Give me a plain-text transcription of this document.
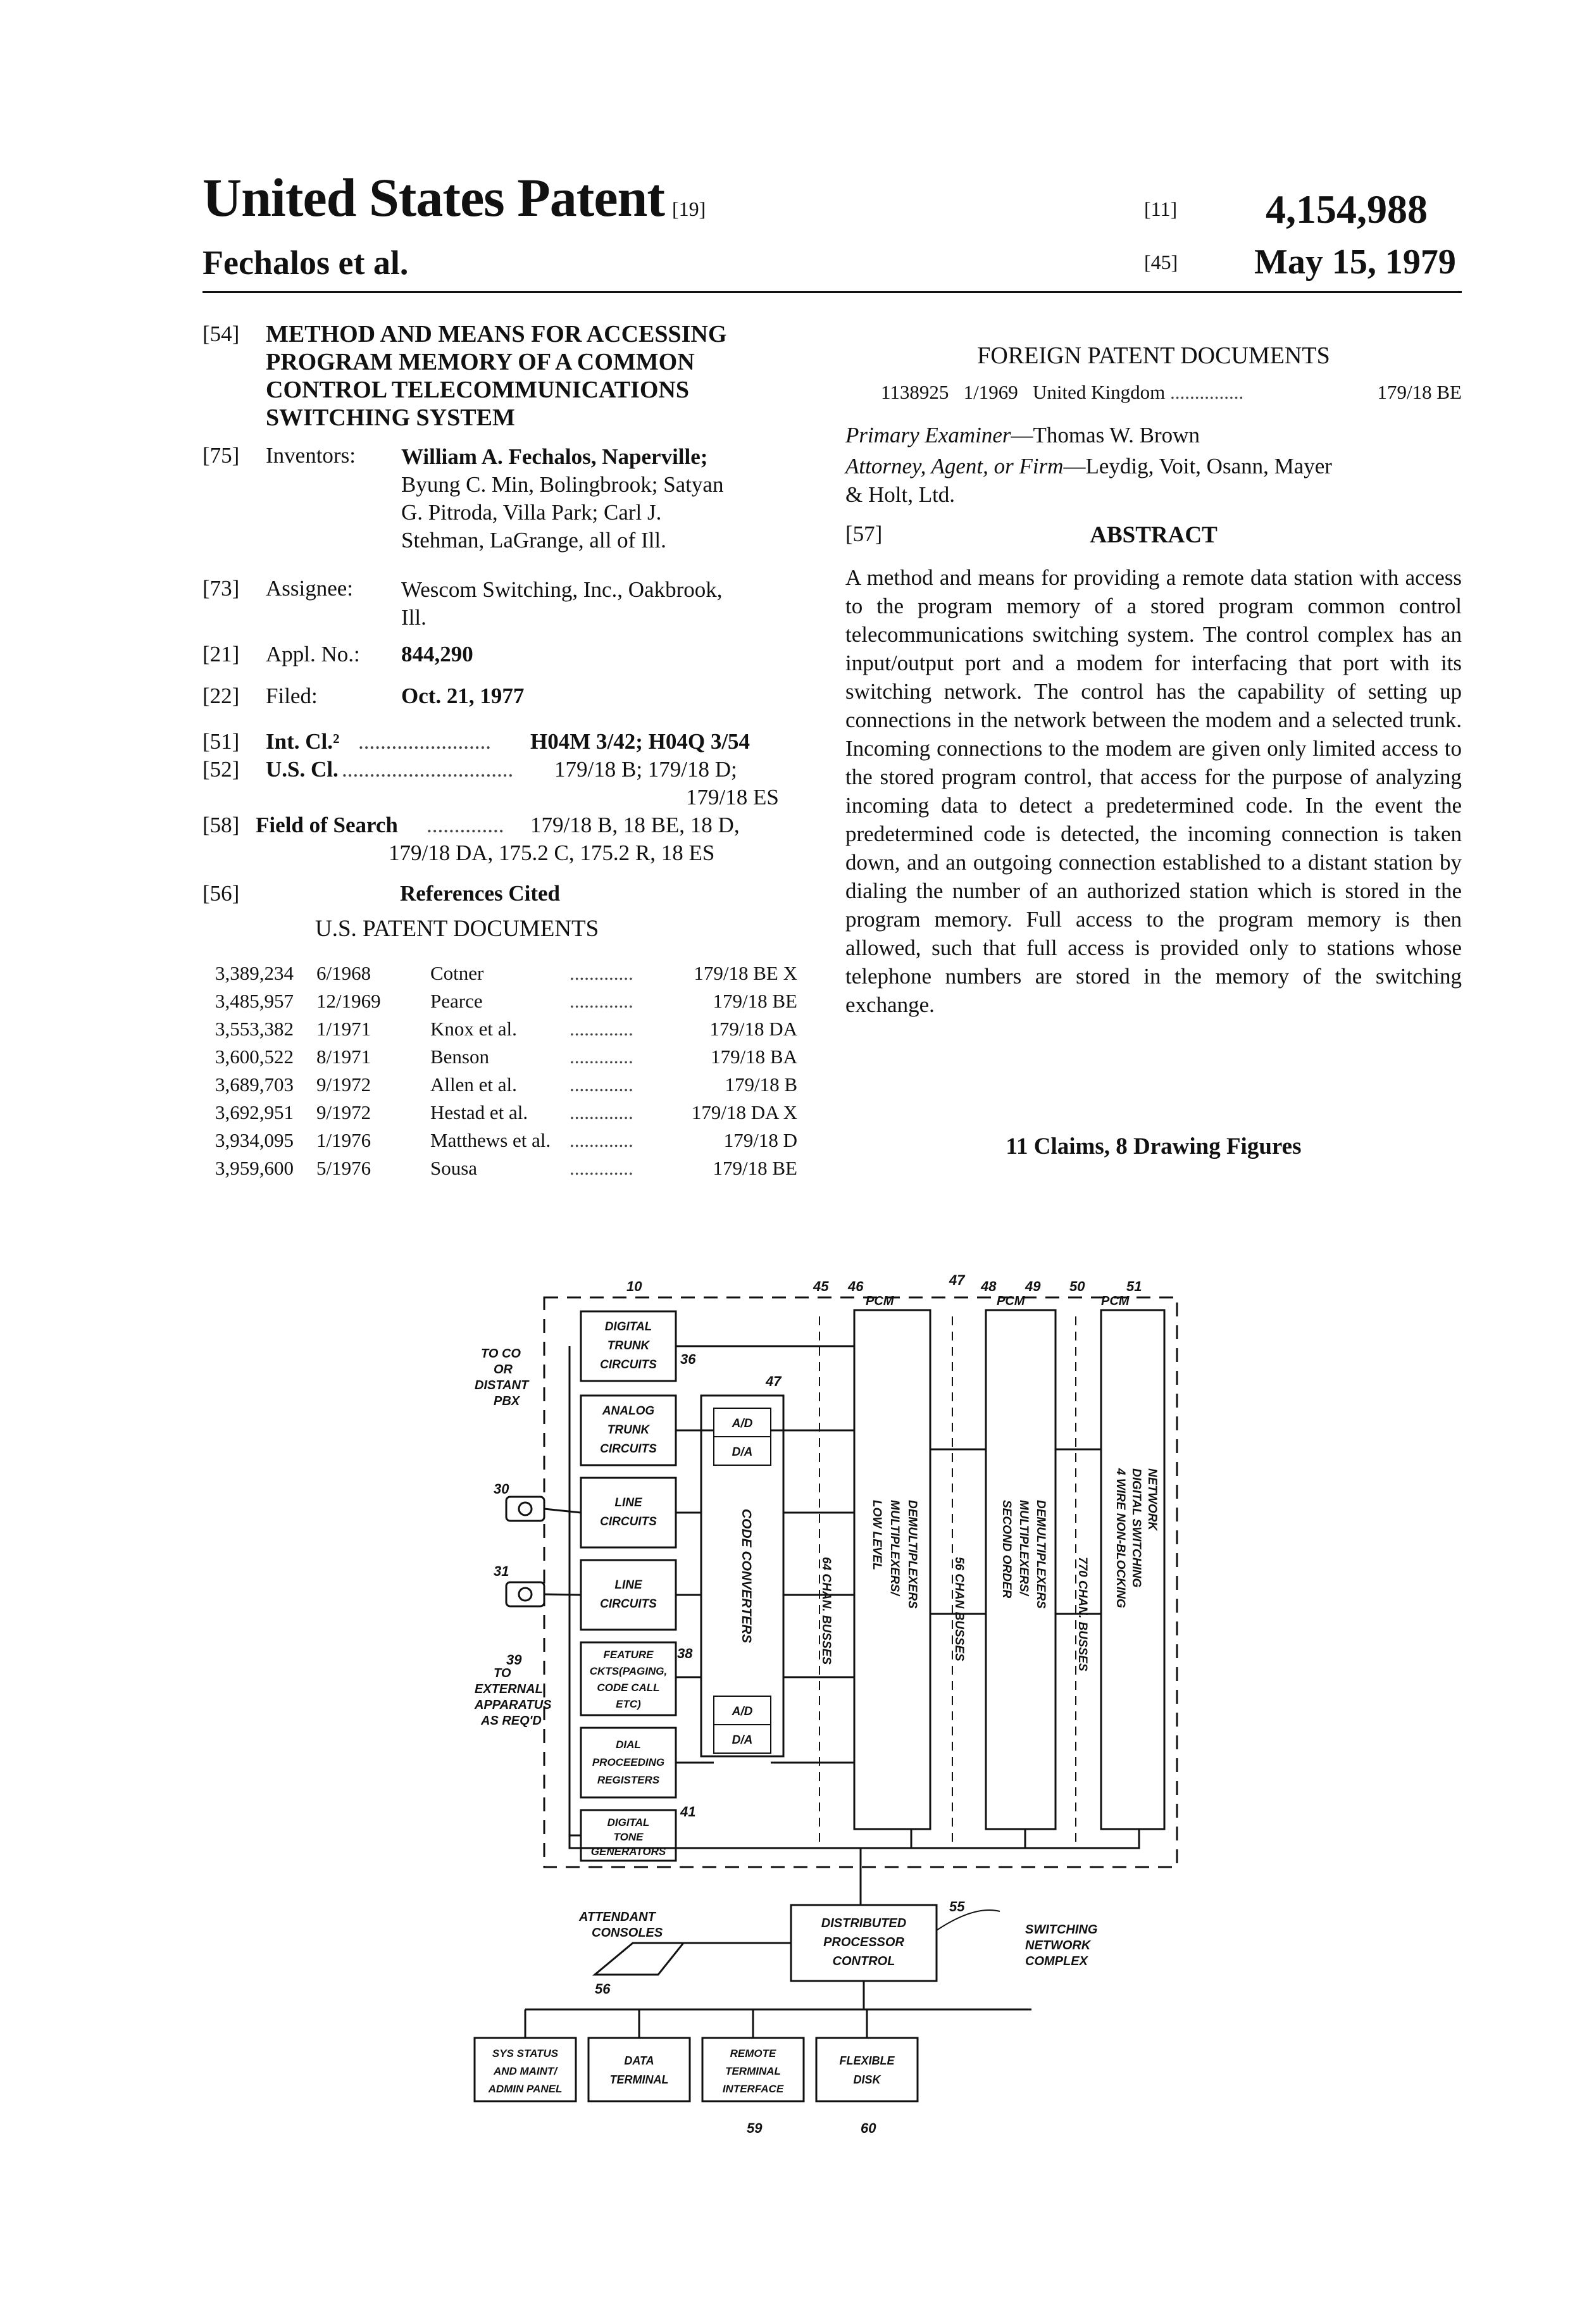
United States Patent [19]
Fechalos et al.
[11] 4,154,988
[45] May 15, 1979
[54] METHOD AND MEANS FOR ACCESSING
PROGRAM MEMORY OF A COMMON
CONTROL TELECOMMUNICATIONS
SWITCHING SYSTEM
[75] Inventors: William A. Fechalos, Naperville;
Byung C. Min, Bolingbrook; Satyan
G. Pitroda, Villa Park; Carl J.
Stehman, LaGrange, all of Ill.
[73] Assignee: Wescom Switching, Inc., Oakbrook,
Ill.
[21] Appl. No.: 844,290
[22] Filed:	Oct. 21, 1977
[51] Int. Cl.² ........................ H04M 3/42; H04Q 3/54
[52] U.S. Cl. ............................... 179/18 B; 179/18 D;
179/18 ES
[58] Field of Search .............. 179/18 B, 18 BE, 18 D,
179/18 DA, 175.2 C, 175.2 R, 18 ES
[56]	References Cited
U.S. PATENT DOCUMENTS
3,389,234 6/1968	Cotner	.............	179/18 BE X
3,485,957 12/1969	Pearce	.............	179/18 BE
3,553,382 1/1971	Knox et al.	.............	179/18 DA
3,600,522 8/1971	Benson	.............	179/18 BA
3,689,703 9/1972	Allen et al.	.............	179/18 B
3,692,951 9/1972	Hestad et al. .............	179/18 DA X
3,934,095 1/1976	Matthews et al. .............	179/18 D
3,959,600 5/1976	Sousa	.............	179/18 BE
FOREIGN PATENT DOCUMENTS
1138925 1/1969 United Kingdom ...............	179/18 BE
Primary Examiner—Thomas W. Brown
Attorney, Agent, or Firm—Leydig, Voit, Osann, Mayer
& Holt, Ltd.
[57]	ABSTRACT
A method and means for providing a remote data station with access to the program memory of a stored program common control telecommunications switching system. The control complex has an input/output port and a modem for interfacing that port with its switching network. The control has the capability of setting up connections in the network between the modem and a selected trunk. Incoming connections to the modem are given only limited access to the stored program control, that access for the purpose of analyzing incoming data to detect a predetermined code. In the event the predetermined code is detected, the incoming connection is taken down, and an outgoing connection established to a distant station by dialing the number of an authorized station which is stored in the program memory. Full access to the program memory is then allowed, such that full access is provided only to stations whose telephone numbers are stored in the memory of the switching exchange.
11 Claims, 8 Drawing Figures
DIGITAL
TRUNK
CIRCUITS
ANALOG
TRUNK
CIRCUITS
LINE
CIRCUITS
LINE
CIRCUITS
FEATURE
CKTS(PAGING,
CODE CALL
ETC)
DIAL
PROCEEDING
REGISTERS
DIGITAL
TONE
GENERATORS
CODE CONVERTERS
A/D
D/A
A/D
D/A
64 CHAN. BUSSES
LOW LEVEL MULTIPLEXERS/ DEMULTIPLEXERS
56 CHAN BUSSES
SECOND ORDER MULTIPLEXERS/ DEMULTIPLEXERS
770 CHAN. BUSSES
4 WIRE NON-BLOCKING DIGITAL SWITCHING NETWORK
TO CO
OR
DISTANT
PBX
TO
EXTERNAL
APPARATUS
AS REQ'D
PCM	PCM	PCM
DISTRIBUTED
PROCESSOR
CONTROL
ATTENDANT
CONSOLES	SWITCHING
NETWORK
COMPLEX
SYS STATUS
AND MAINT/
ADMIN PANEL
DATA
TERMINAL
REMOTE
TERMINAL
INTERFACE
FLEXIBLE
DISK
10
36
30
31
38
39
41
45 46	47 48 49 50	51
59	60
56
55
47
